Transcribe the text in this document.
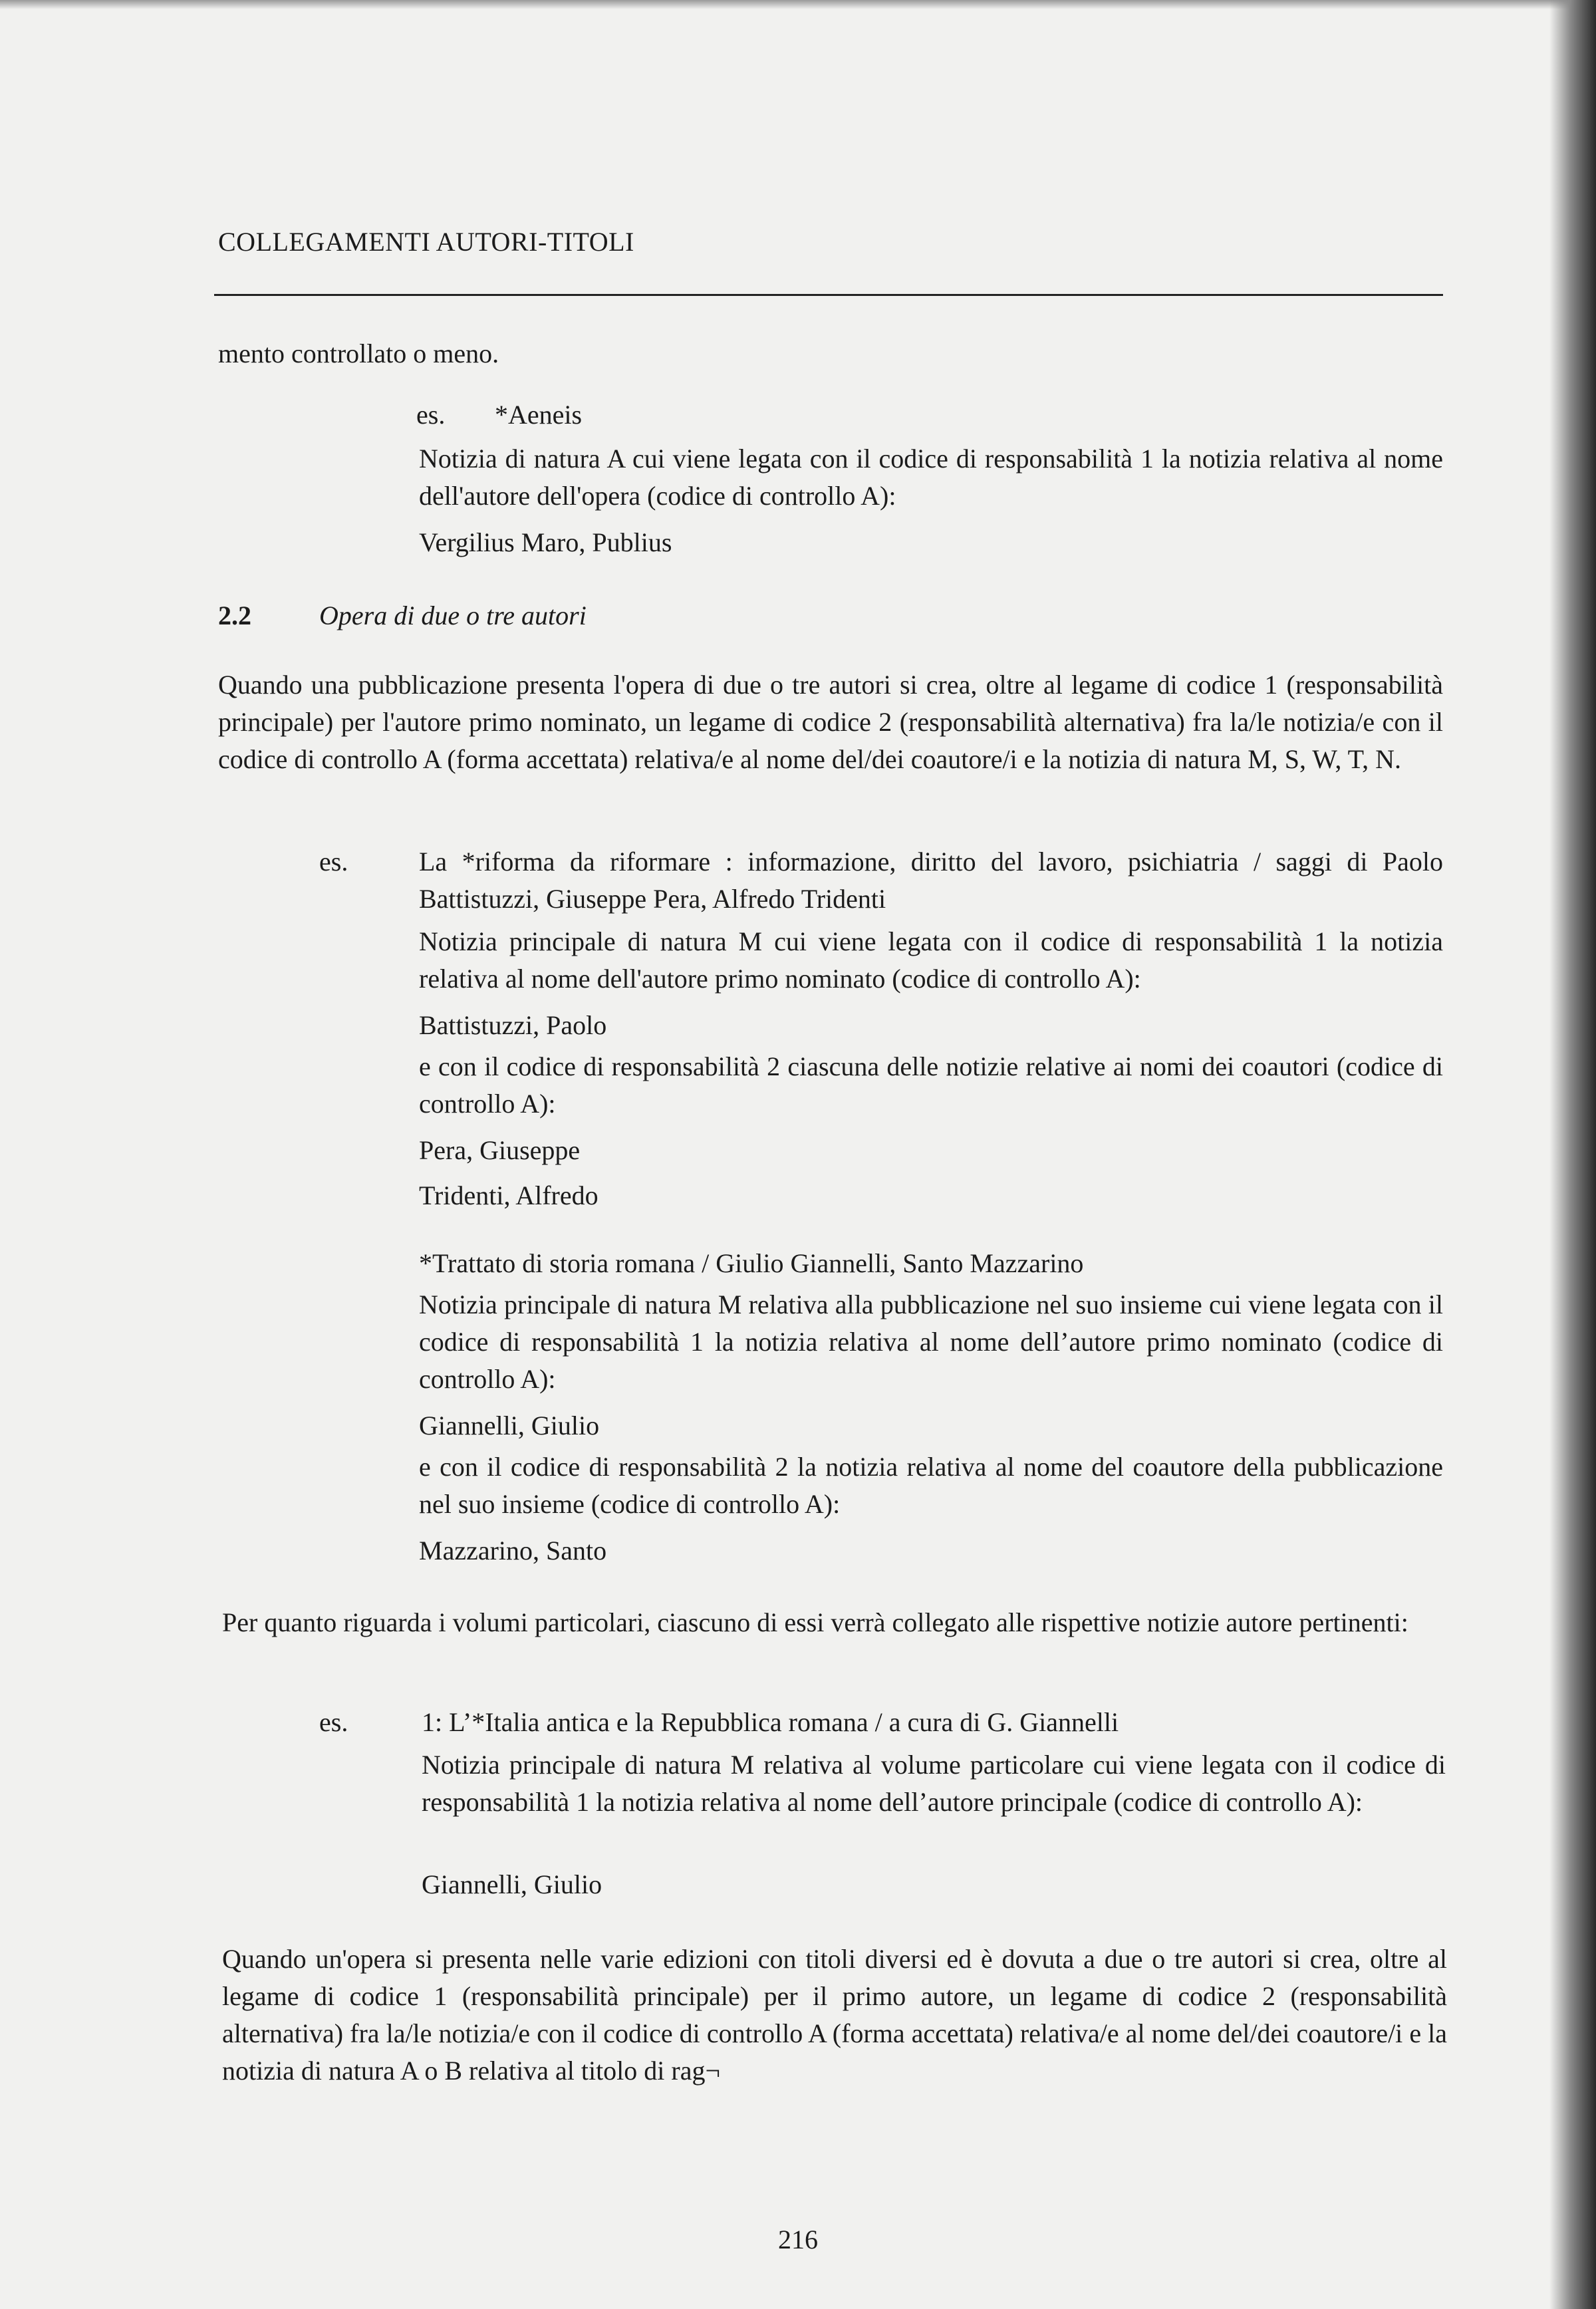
COLLEGAMENTI AUTORI-TITOLI
mento controllato o meno.
es. *Aeneis
Notizia di natura A cui viene legata con il codice di responsabilità 1 la notizia relativa al nome dell'autore dell'opera (codice di controllo A):
Vergilius Maro, Publius
2.2	Opera di due o tre autori
Quando una pubblicazione presenta l'opera di due o tre autori si crea, oltre al legame di codice 1 (responsabilità principale) per l'autore primo nominato, un legame di codice 2 (responsabilità alternativa) fra la/le notizia/e con il codice di controllo A (forma accettata) relativa/e al nome del/dei coautore/i e la notizia di natura M, S, W, T, N.
es.	La *riforma da riformare : informazione, diritto del lavoro, psichiatria / saggi di Paolo Battistuzzi, Giuseppe Pera, Alfredo Tridenti
Notizia principale di natura M cui viene legata con il codice di responsabilità 1 la notizia relativa al nome dell'autore primo nominato (codice di controllo A):
Battistuzzi, Paolo
e con il codice di responsabilità 2 ciascuna delle notizie relative ai nomi dei coautori (codice di controllo A):
Pera, Giuseppe
Tridenti, Alfredo
*Trattato di storia romana / Giulio Giannelli, Santo Mazzarino
Notizia principale di natura M relativa alla pubblicazione nel suo insieme cui viene legata con il codice di responsabilità 1 la notizia relativa al nome dell’autore primo nominato (codice di controllo A):
Giannelli, Giulio
e con il codice di responsabilità 2 la notizia relativa al nome del coautore della pubblicazione nel suo insieme (codice di controllo A):
Mazzarino, Santo
Per quanto riguarda i volumi particolari, ciascuno di essi verrà collegato alle rispettive notizie autore pertinenti:
es.	1: L’*Italia antica e la Repubblica romana / a cura di G. Giannelli
Notizia principale di natura M relativa al volume particolare cui viene legata con il codice di responsabilità 1 la notizia relativa al nome dell’autore principale (codice di controllo A):
Giannelli, Giulio
Quando un'opera si presenta nelle varie edizioni con titoli diversi ed è dovuta a due o tre autori si crea, oltre al legame di codice 1 (responsabilità principale) per il primo autore, un legame di codice 2 (responsabilità alternativa) fra la/le notizia/e con il codice di controllo A (forma accettata) relativa/e al nome del/dei coautore/i e la notizia di natura A o B relativa al titolo di rag¬
216
